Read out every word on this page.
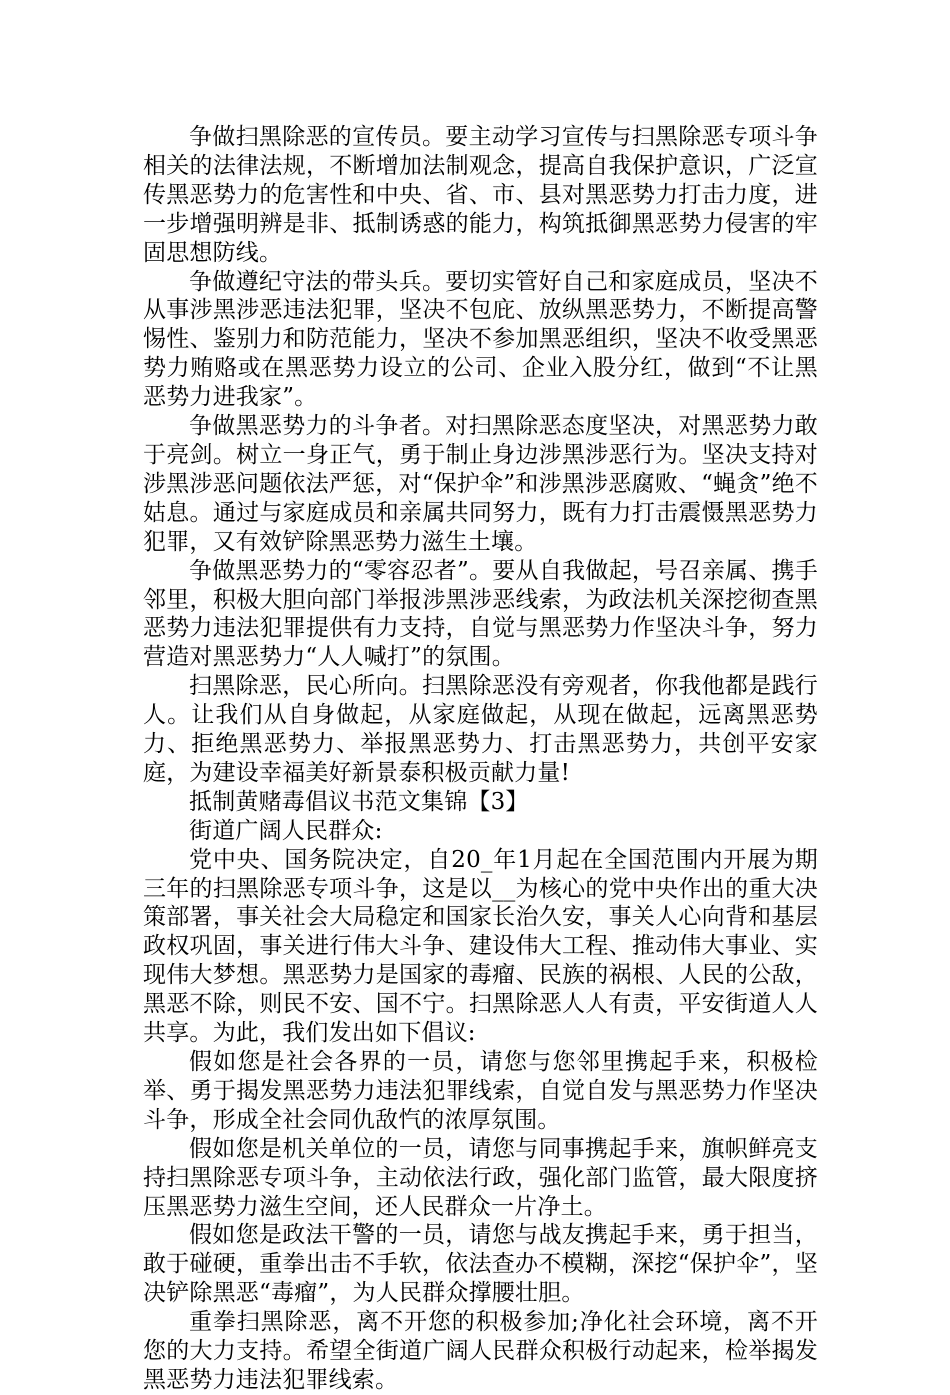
争做扫黑除恶的宣传员。要主动学习宣传与扫黑除恶专项斗争相关的法律法规，不断增加法制观念，提高自我保护意识，广泛宣传黑恶势力的危害性和中央、省、市、县对黑恶势力打击力度，进一步增强明辨是非、抵制诱惑的能力，构筑抵御黑恶势力侵害的牢固思想防线。

争做遵纪守法的带头兵。要切实管好自己和家庭成员，坚决不从事涉黑涉恶违法犯罪，坚决不包庇、放纵黑恶势力，不断提高警惕性、鉴别力和防范能力，坚决不参加黑恶组织，坚决不收受黑恶势力贿赂或在黑恶势力设立的公司、企业入股分红，做到“不让黑恶势力进我家”。

争做黑恶势力的斗争者。对扫黑除恶态度坚决，对黑恶势力敢于亮剑。树立一身正气，勇于制止身边涉黑涉恶行为。坚决支持对涉黑涉恶问题依法严惩，对“保护伞”和涉黑涉恶腐败、“蝇贪”绝不姑息。通过与家庭成员和亲属共同努力，既有力打击震慑黑恶势力犯罪，又有效铲除黑恶势力滋生土壤。

争做黑恶势力的“零容忍者”。要从自我做起，号召亲属、携手邻里，积极大胆向部门举报涉黑涉恶线索，为政法机关深挖彻查黑恶势力违法犯罪提供有力支持，自觉与黑恶势力作坚决斗争，努力营造对黑恶势力“人人喊打”的氛围。

扫黑除恶，民心所向。扫黑除恶没有旁观者，你我他都是践行人。让我们从自身做起，从家庭做起，从现在做起，远离黑恶势力、拒绝黑恶势力、举报黑恶势力、打击黑恶势力，共创平安家庭，为建设幸福美好新景泰积极贡献力量!

抵制黄赌毒倡议书范文集锦【3】

街道广阔人民群众:

党中央、国务院决定，自20_年1月起在全国范围内开展为期三年的扫黑除恶专项斗争，这是以__为核心的党中央作出的重大决策部署，事关社会大局稳定和国家长治久安，事关人心向背和基层政权巩固，事关进行伟大斗争、建设伟大工程、推动伟大事业、实现伟大梦想。黑恶势力是国家的毒瘤、民族的祸根、人民的公敌，黑恶不除，则民不安、国不宁。扫黑除恶人人有责，平安街道人人共享。为此，我们发出如下倡议:

假如您是社会各界的一员，请您与您邻里携起手来，积极检举、勇于揭发黑恶势力违法犯罪线索，自觉自发与黑恶势力作坚决斗争，形成全社会同仇敌忾的浓厚氛围。

假如您是机关单位的一员，请您与同事携起手来，旗帜鲜亮支持扫黑除恶专项斗争，主动依法行政，强化部门监管，最大限度挤压黑恶势力滋生空间，还人民群众一片净土。

假如您是政法干警的一员，请您与战友携起手来，勇于担当，敢于碰硬，重拳出击不手软，依法查办不模糊，深挖“保护伞”，坚决铲除黑恶“毒瘤”，为人民群众撑腰壮胆。

重拳扫黑除恶，离不开您的积极参加;净化社会环境，离不开您的大力支持。希望全街道广阔人民群众积极行动起来，检举揭发黑恶势力违法犯罪线索。
